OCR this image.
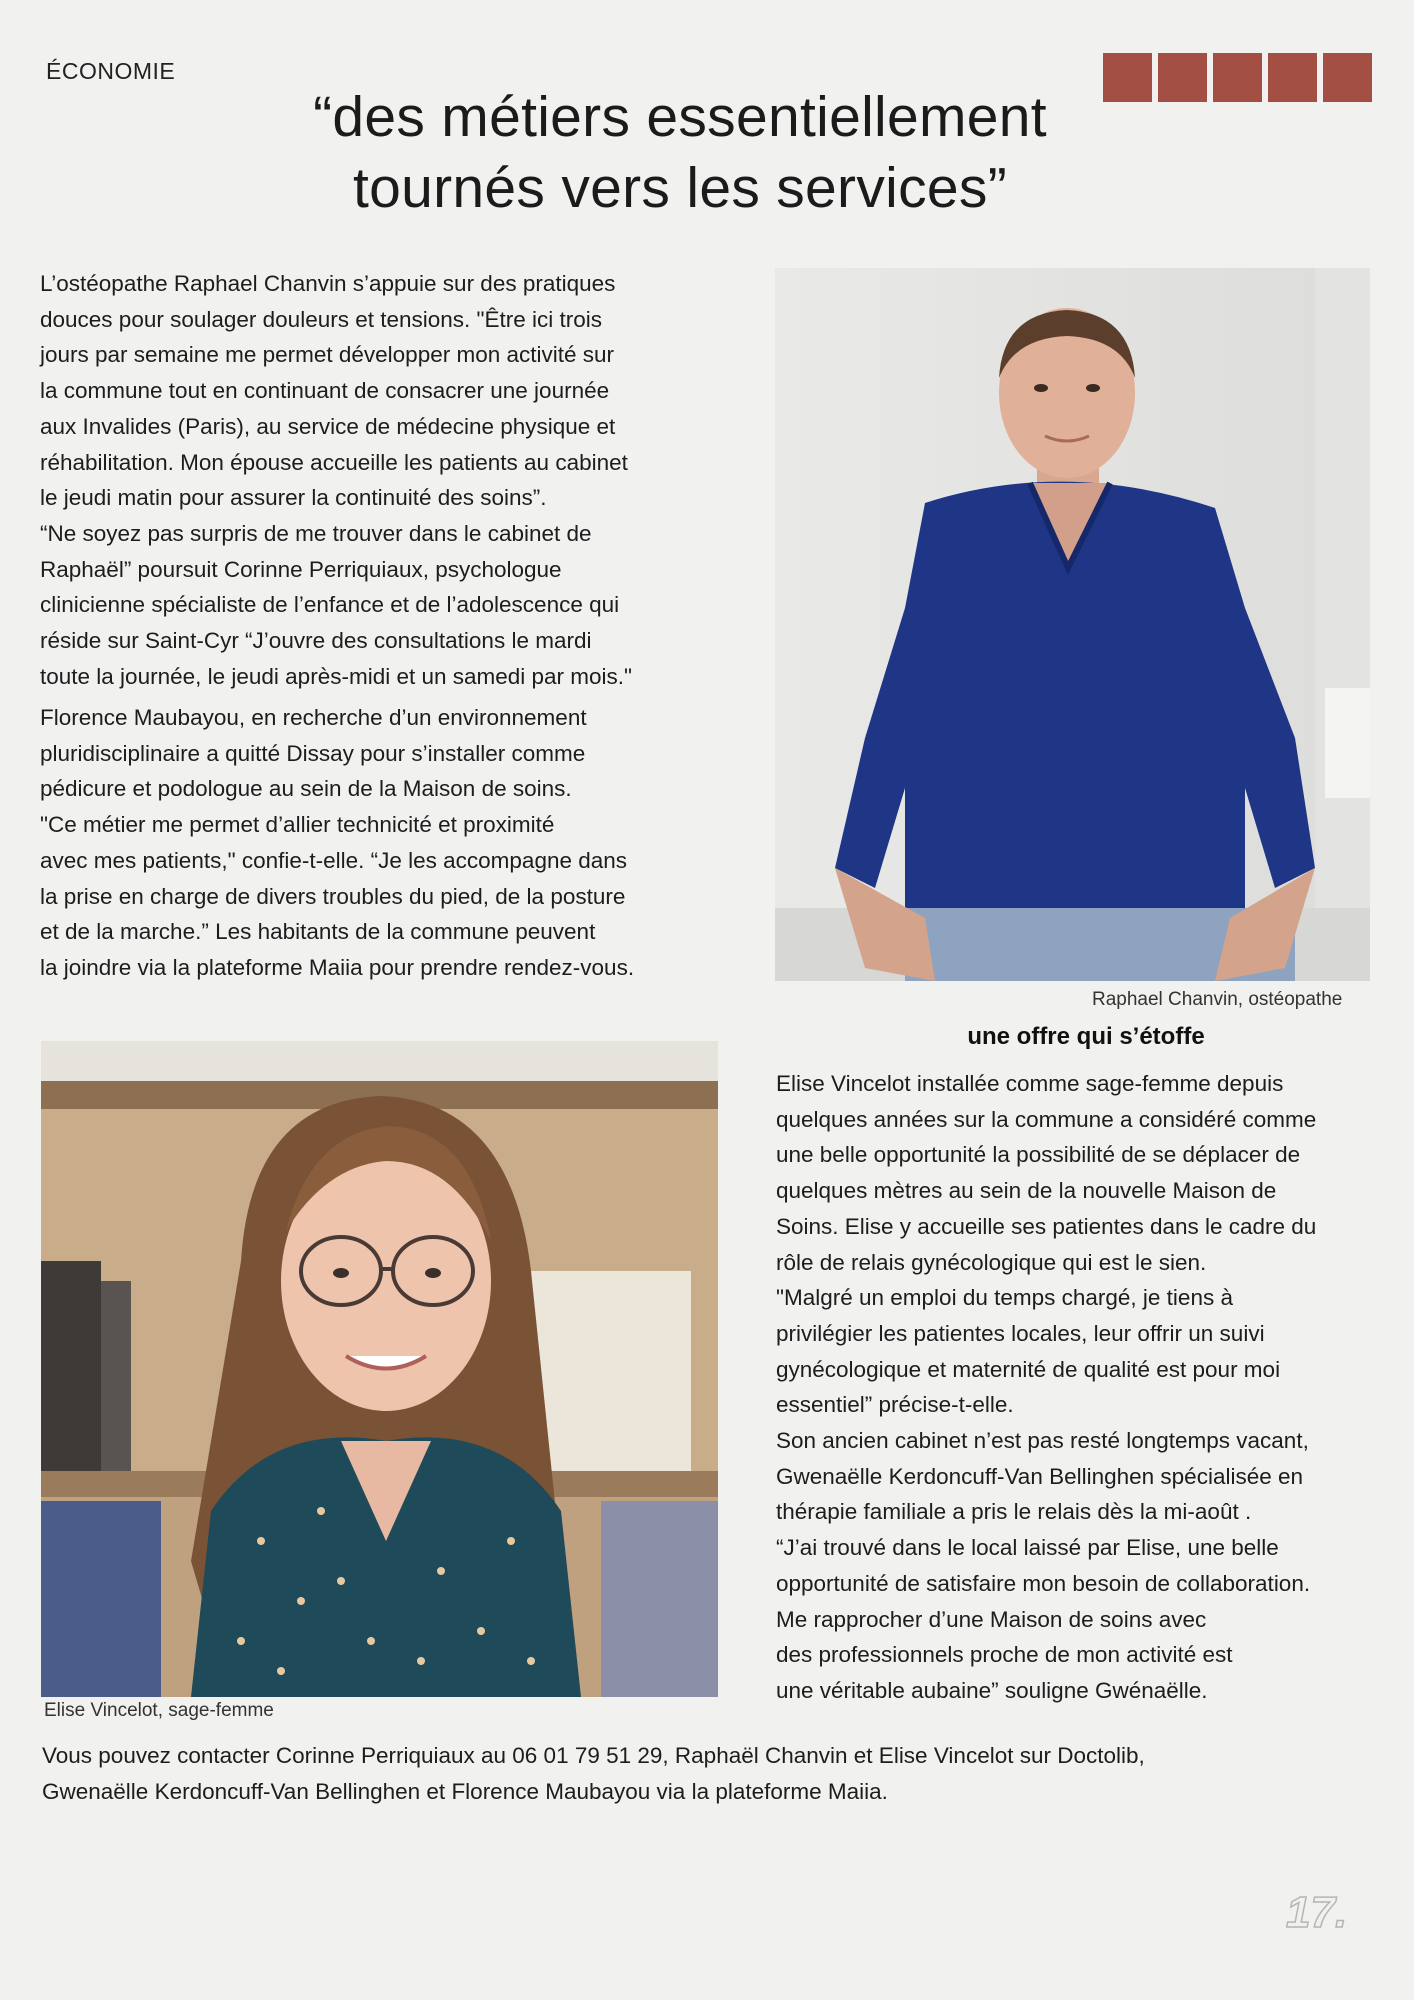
ÉCONOMIE
“des métiers essentiellement
tournés vers les services”
L’ostéopathe Raphael Chanvin s’appuie sur des pratiques
douces pour soulager douleurs et tensions. "Être ici trois
jours par semaine me permet développer mon activité sur
la commune tout en continuant de consacrer une journée
aux Invalides (Paris), au service de médecine physique et
réhabilitation. Mon épouse accueille les patients au cabinet
le jeudi matin pour assurer la continuité des soins”.
“Ne soyez pas surpris de me trouver dans le cabinet de
Raphaël” poursuit Corinne Perriquiaux, psychologue
clinicienne spécialiste de l’enfance et de l’adolescence qui
réside sur Saint-Cyr “J’ouvre des consultations le mardi
toute la journée, le jeudi après-midi et un samedi par mois."
Florence Maubayou, en recherche d’un environnement
pluridisciplinaire a quitté Dissay pour s’installer comme
pédicure et podologue au sein de la Maison de soins.
"Ce métier me permet d’allier technicité et proximité
avec mes patients," confie-t-elle. “Je les accompagne dans
la prise en charge de divers troubles du pied, de la posture
et de la marche.” Les habitants de la commune peuvent
la joindre via la plateforme Maiia pour prendre rendez-vous.
Raphael Chanvin, ostéopathe
Elise Vincelot, sage-femme
une offre qui s’étoffe
Elise Vincelot installée comme sage-femme depuis
quelques années sur la commune a considéré comme
une belle opportunité la possibilité de se déplacer de
quelques mètres au sein de la nouvelle Maison de
Soins. Elise y accueille ses patientes dans le cadre du
rôle de relais gynécologique qui est le sien.
"Malgré un emploi du temps chargé, je tiens à
privilégier les patientes locales, leur offrir un suivi
gynécologique et maternité de qualité est pour moi
essentiel” précise-t-elle.
Son ancien cabinet n’est pas resté longtemps vacant,
Gwenaëlle Kerdoncuff-Van Bellinghen spécialisée en
thérapie familiale a pris le relais dès la mi-août .
“J’ai trouvé dans le local laissé par Elise, une belle
opportunité de satisfaire mon besoin de collaboration.
Me rapprocher d’une Maison de soins avec
des professionnels proche de mon activité est
une véritable aubaine” souligne Gwénaëlle.
Vous pouvez contacter Corinne Perriquiaux au 06 01 79 51 29, Raphaël Chanvin et Elise Vincelot sur Doctolib,
Gwenaëlle Kerdoncuff-Van Bellinghen et Florence Maubayou via la plateforme Maiia.
17.
